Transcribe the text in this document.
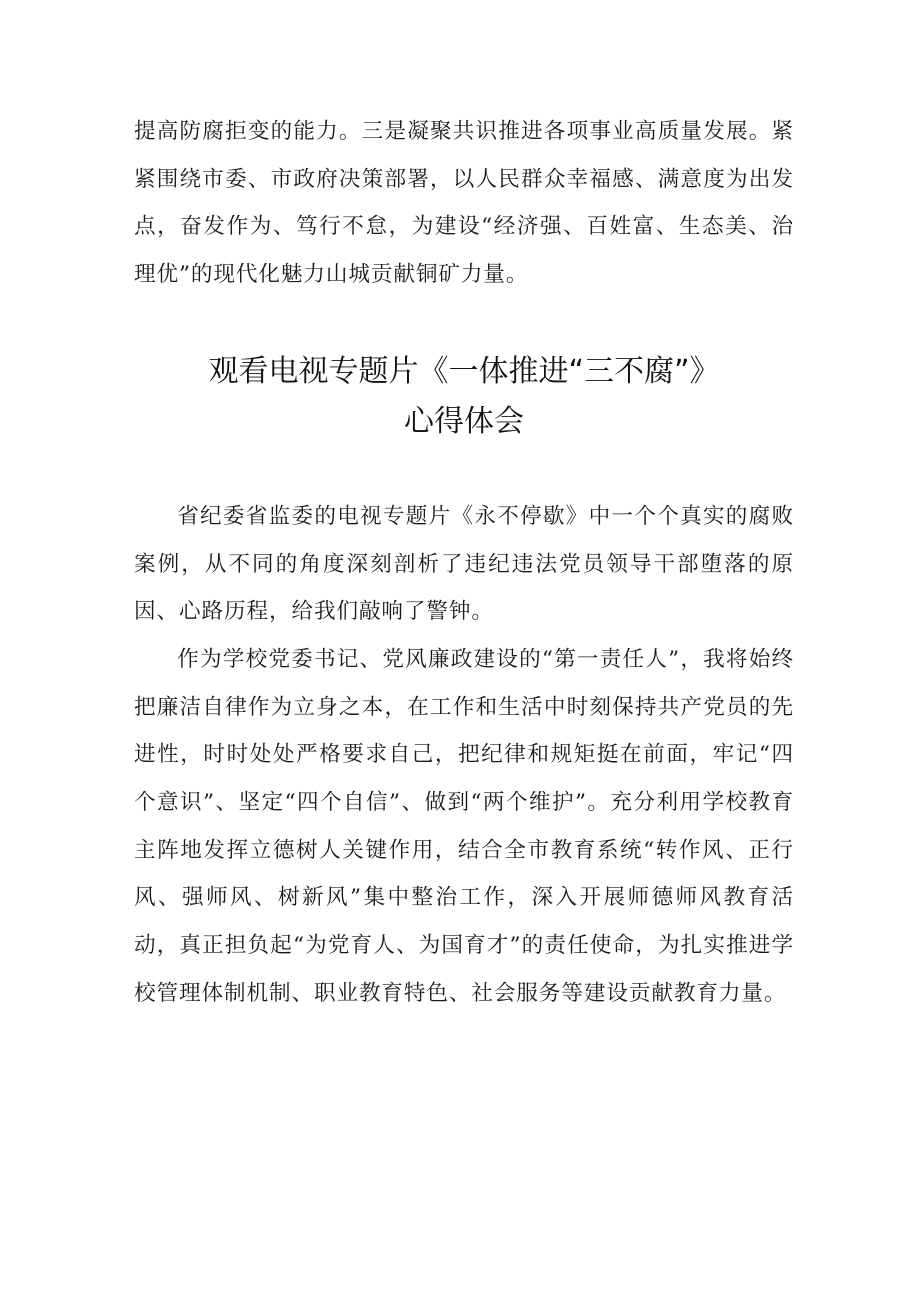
提高防腐拒变的能力。三是凝聚共识推进各项事业高质量发展。紧紧围绕市委、市政府决策部署，以人民群众幸福感、满意度为出发点，奋发作为、笃行不怠，为建设“经济强、百姓富、生态美、治理优”的现代化魅力山城贡献铜矿力量。

观看电视专题片《一体推进“三不腐”》

心得体会

省纪委省监委的电视专题片《永不停歇》中一个个真实的腐败案例，从不同的角度深刻剖析了违纪违法党员领导干部堕落的原因、心路历程，给我们敲响了警钟。

作为学校党委书记、党风廉政建设的“第一责任人”，我将始终把廉洁自律作为立身之本，在工作和生活中时刻保持共产党员的先进性，时时处处严格要求自己，把纪律和规矩挺在前面，牢记“四个意识”、坚定“四个自信”、做到“两个维护”。充分利用学校教育主阵地发挥立德树人关键作用，结合全市教育系统“转作风、正行风、强师风、树新风”集中整治工作，深入开展师德师风教育活动，真正担负起“为党育人、为国育才”的责任使命，为扎实推进学校管理体制机制、职业教育特色、社会服务等建设贡献教育力量。
